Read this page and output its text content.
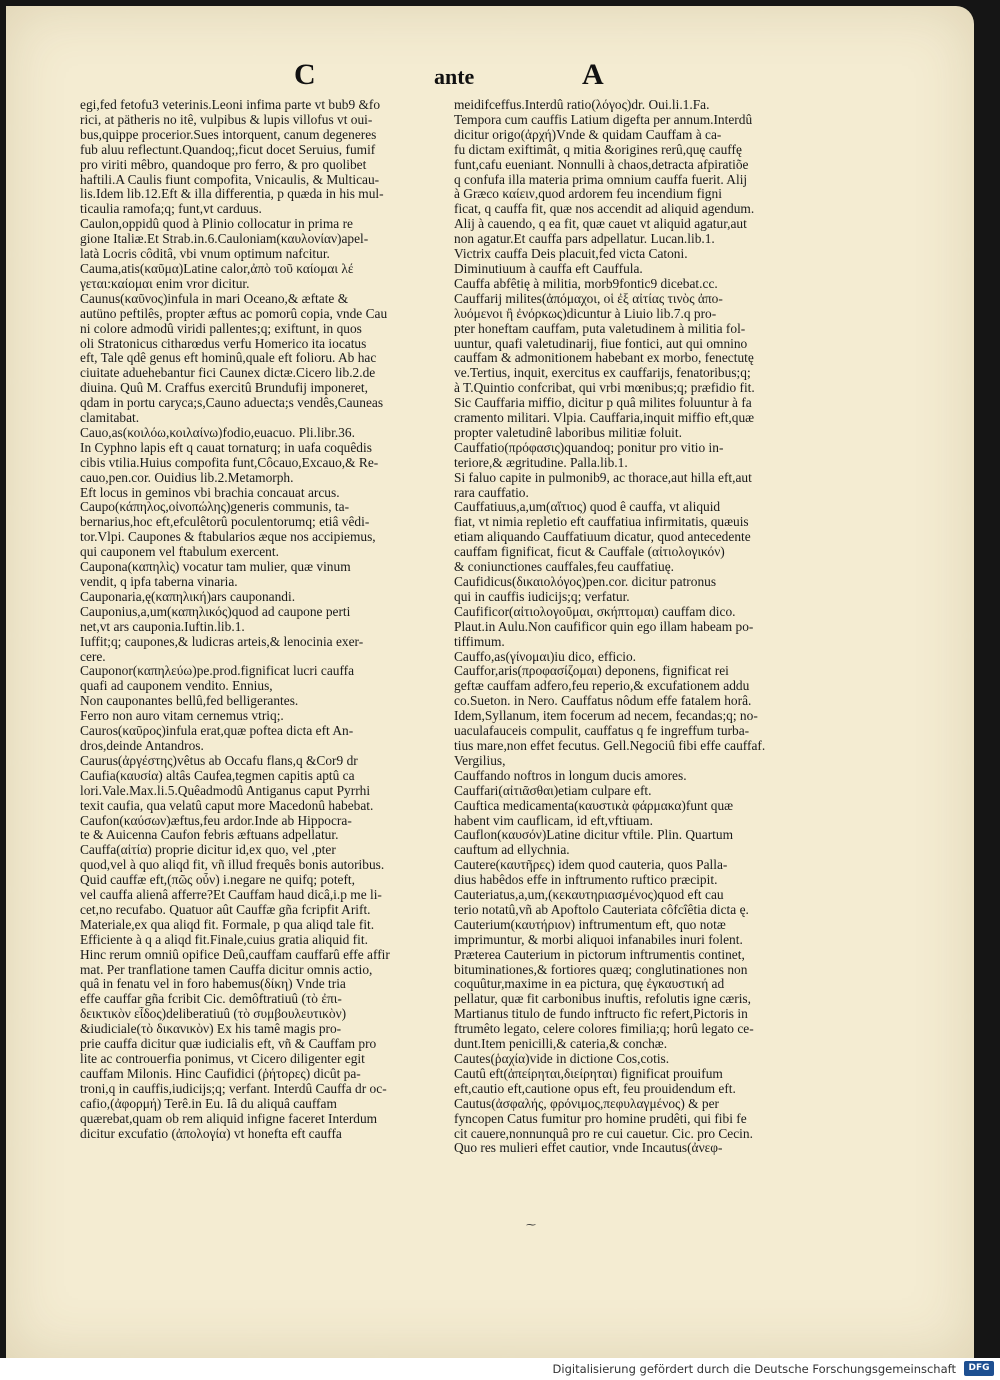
C	ante	A
egi,fed fetofu3 veterinis.Leoni infima parte vt bub9 &fo
rici, at pätheris no itê, vulpibus & lupis villofus vt oui-
bus,quippe procerior.Sues intorquent, canum degeneres
fub aluu reflectunt.Quandoq;,ficut docet Seruius, fumif
pro viriti mêbro, quandoque pro ferro, & pro quolibet
haftili.A Caulis fiunt compofita, Vnicaulis, & Multicau-
lis.Idem lib.12.Eft & illa differentia, p quæda in his mul-
ticaulia ramofa;q; funt,vt carduus.
Caulon,oppidû quod à Plinio collocatur in prima re
gione Italiæ.Et Strab.in.6.Cauloniam(καυλονίαν)apel-
latà Locris côditâ, vbi vnum optimum nafcitur.
Cauma,atis(καῦμα)Latine calor,ἀπὸ τοῦ καίομαι λέ
γεται:καίομαι enim vror dicitur.
Caunus(καῦνος)infula in mari Oceano,& æftate &
autüno peftilês, propter æftus ac pomorû copia, vnde Cau
ni colore admodû viridi pallentes;q; exiftunt, in quos
oli Stratonicus citharœdus verfu Homerico ita iocatus
eft, Tale qdê genus eft hominû,quale eft folioru. Ab hac
ciuitate aduehebantur fici Caunex dictæ.Cicero lib.2.de
diuina. Quû M. Craffus exercitû Brundufij imponeret,
qdam in portu caryca;s,Cauno aduecta;s vendês,Cauneas
clamitabat.
Cauo,as(κοιλόω,κοιλαίνω)fodio,euacuo. Pli.libr.36.
In Cyphno lapis eft q cauat tornaturq; in uafa coquêdis
cibis vtilia.Huius compofita funt,Côcauo,Excauo,& Re-
cauo,pen.cor. Ouidius lib.2.Metamorph.
Eft locus in geminos vbi brachia concauat arcus.
Caupo(κάπηλος,οἰνοπώλης)generis communis, ta-
bernarius,hoc eft,efculêtorû poculentorumq; etiâ vêdi-
tor.Vlpi. Caupones & ftabularios æque nos accipiemus,
qui cauponem vel ftabulum exercent.
Caupona(καπηλὶς) vocatur tam mulier, quæ vinum
vendit, q ipfa taberna vinaria.
Cauponaria,ę(καπηλική)ars cauponandi.
Cauponius,a,um(καπηλικός)quod ad caupone perti
net,vt ars cauponia.Iuftin.lib.1.
Iuffit;q; caupones,& ludicras arteis,& lenocinia exer-
cere.
Cauponor(καπηλεύω)pe.prod.fignificat lucri cauffa
quafi ad cauponem vendito. Ennius,
Non cauponantes bellû,fed belligerantes.
Ferro non auro vitam cernemus vtriq;.
Cauros(καῦρος)infula erat,quæ poftea dicta eft An-
dros,deinde Antandros.
Caurus(ἀργέστης)vêtus ab Occafu flans,q &Cor9 dr
Caufia(καυσία) altâs Caufea,tegmen capitis aptû ca
lori.Vale.Max.li.5.Quêadmodû Antiganus caput Pyrrhi
texit caufia, qua velatû caput more Macedonû habebat.
Caufon(καύσων)æftus,feu ardor.Inde ab Hippocra-
te & Auicenna Caufon febris æftuans adpellatur.
Cauffa(αἰτία) proprie dicitur id,ex quo, vel ,pter
quod,vel à quo aliqd fit, vñ illud frequês bonis autoribus.
Quid cauffæ eft,(πῶς οὖν) i.negare ne quifq; poteft,
vel cauffa alienâ afferre?Et Cauffam haud dicâ,i.p me li-
cet,no recufabo. Quatuor aût Cauffæ gña fcripfit Arift.
Materiale,ex qua aliqd fit. Formale, p qua aliqd tale fit.
Efficiente à q a aliqd fit.Finale,cuius gratia aliquid fit.
Hinc rerum omniû opifice Deû,cauffam cauffarû effe affir
mat. Per tranflatione tamen Cauffa dicitur omnis actio,
quâ in fenatu vel in foro habemus(δίκη) Vnde tria
effe cauffar gña fcribit Cic. demôftratiuû (τὸ ἐπι-
δεικτικὸν εἶδος)deliberatiuû (τὸ συμβουλευτικὸν)
&iudiciale(τὸ δικανικὸν) Ex his tamê magis pro-
prie cauffa dicitur quæ iudicialis eft, vñ & Cauffam pro
lite ac controuerfia ponimus, vt Cicero diligenter egit
cauffam Milonis. Hinc Caufidici (ῥήτορες) dicût pa-
troni,q in cauffis,iudicijs;q; verfant. Interdû Cauffa dr oc-
cafio,(ἀφορμή) Terê.in Eu. Iâ du aliquâ cauffam
quærebat,quam ob rem aliquid infigne faceret Interdum
dicitur excufatio (ἀπολογία) vt honefta eft cauffa
meidifceffus.Interdû ratio(λόγος)dr. Oui.li.1.Fa.
Tempora cum cauffis Latium digefta per annum.Interdû
dicitur origo(ἀρχή)Vnde & quidam Cauffam à ca-
fu dictam exiftimât, q mitia &origines rerû,quę cauffę
funt,cafu eueniant. Nonnulli à chaos,detracta afpiratiõe
q confufa illa materia prima omnium cauffa fuerit. Alij
à Græco καίειν,quod ardorem feu incendium figni
ficat, q cauffa fit, quæ nos accendit ad aliquid agendum.
Alij à cauendo, q ea fit, quæ cauet vt aliquid agatur,aut
non agatur.Et cauffa pars adpellatur. Lucan.lib.1.
Victrix cauffa Deis placuit,fed victa Catoni.
Diminutiuum à cauffa eft Cauffula.
Cauffa abfêtię à militia, morb9fontic9 dicebat.cc.
Cauffarij milites(ἀπόμαχοι, οἱ ἐξ αἰτίας τινὸς ἀπο-
λυόμενοι ἢ ἐνόρκως)dicuntur à Liuio lib.7.q pro-
pter honeftam cauffam, puta valetudinem à militia fol-
uuntur, quafi valetudinarij, fiue fontici, aut qui omnino
cauffam & admonitionem habebant ex morbo, fenectutę
ve.Tertius, inquit, exercitus ex cauffarijs, fenatoribus;q;
à T.Quintio confcribat, qui vrbi mœnibus;q; præfidio fit.
Sic Cauffaria miffio, dicitur p quâ milites foluuntur à fa
cramento militari. Vlpia. Cauffaria,inquit miffio eft,quæ
propter valetudinê laboribus militiæ foluit.
Cauffatio(πρόφασις)quandoq; ponitur pro vitio in-
teriore,& ægritudine. Palla.lib.1.
Si faluo capite in pulmonib9, ac thorace,aut hilla eft,aut
rara cauffatio.
Cauffatiuus,a,um(αἴτιος) quod ê cauffa, vt aliquid
fiat, vt nimia repletio eft cauffatiua infirmitatis, quæuis
etiam aliquando Cauffatiuum dicatur, quod antecedente
cauffam fignificat, ficut & Cauffale (αἰτιολογικόν)
& coniunctiones cauffales,feu cauffatiuę.
Caufidicus(δικαιολόγος)pen.cor. dicitur patronus
qui in cauffis iudicijs;q; verfatur.
Caufificor(αἰτιολογοῦμαι, σκήπτομαι) cauffam dico.
Plaut.in Aulu.Non caufificor quin ego illam habeam po-
tiffimum.
Cauffo,as(γίνομαι)iu dico, efficio.
Cauffor,aris(προφασίζομαι) deponens, fignificat rei
geftæ cauffam adfero,feu reperio,& excufationem addu
co.Sueton. in Nero. Cauffatus nôdum effe fatalem horâ.
Idem,Syllanum, item focerum ad necem, fecandas;q; no-
uaculafauceis compulit, cauffatus q fe ingreffum turba-
tius mare,non effet fecutus. Gell.Negociû fibi effe cauffaf.
Vergilius,
Cauffando noftros in longum ducis amores.
Cauffari(αἰτιᾶσθαι)etiam culpare eft.
Cauftica medicamenta(καυστικὰ φάρμακα)funt quæ
habent vim cauflicam, id eft,vftiuam.
Cauflon(καυσόν)Latine dicitur vftile. Plin. Quartum
cauftum ad ellychnia.
Cautere(καυτῆρες) idem quod cauteria, quos Palla-
dius habêdos effe in inftrumento ruftico præcipit.
Cauteriatus,a,um,(κεκαυτηριασμένος)quod eft cau
terio notatû,vñ ab Apoftolo Cauteriata côfcîêtia dicta ę.
Cauterium(καυτήριον) inftrumentum eft, quo notæ
imprimuntur, & morbi aliquoi infanabiles inuri folent.
Præterea Cauterium in pictorum inftrumentis continet,
bituminationes,& fortiores quæq; conglutinationes non
coquûtur,maxime in ea pictura, quę ἐγκαυστική ad
pellatur, quæ fit carbonibus inuftis, refolutis igne cæris,
Martianus titulo de fundo inftructo fic refert,Pictoris in
ftrumêto legato, celere colores fimilia;q; horû legato ce-
dunt.Item penicilli,& cateria,& conchæ.
Cautes(ῥαχία)vide in dictione Cos,cotis.
Cautû eft(ἀπείρηται,διείρηται) fignificat prouifum
eft,cautio eft,cautione opus eft, feu prouidendum eft.
Cautus(ἀσφαλής, φρόνιμος,πεφυλαγμένος) & per
fyncopen Catus fumitur pro homine prudêti, qui fibi fe
cit cauere,nonnunquâ pro re cui cauetur. Cic. pro Cecin.
Quo res mulieri effet cautior, vnde Incautus(ἀνεφ-
⁓
Digitalisierung gefördert durch die Deutsche Forschungsgemeinschaft	DFG
